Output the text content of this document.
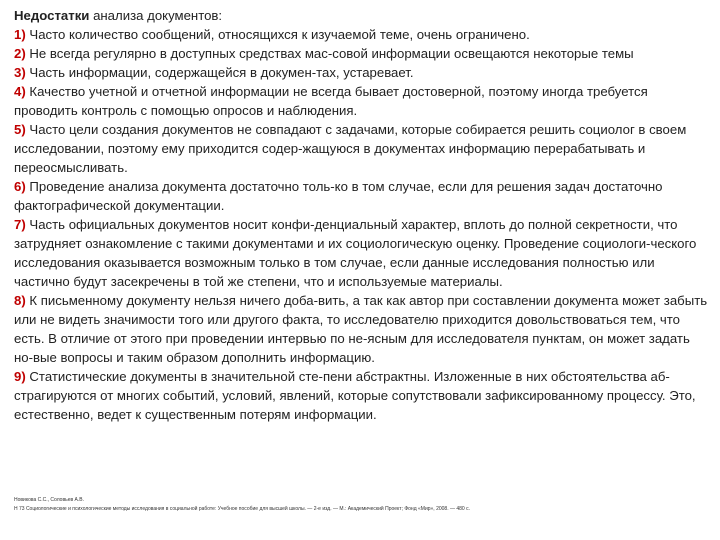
Недостатки анализа документов:

1) Часто количество сообщений, относящихся к изучаемой теме, очень ограничено.

2) Не всегда регулярно в доступных средствах мас-совой информации освещаются некоторые темы

3) Часть информации, содержащейся в докумен-тах, устаревает.

4) Качество учетной и отчетной информации не всегда бывает достоверной, поэтому иногда требуется проводить контроль с помощью опросов и наблюдения.

5) Часто цели создания документов не совпадают с задачами, которые собирается решить социолог в своем исследовании, поэтому ему приходится содер-жащуюся в документах информацию перерабатывать и переосмысливать.

6) Проведение анализа документа достаточно толь-ко в том случае, если для решения задач достаточно фактографической документации.

7) Часть официальных документов носит конфи-денциальный характер, вплоть до полной секретности, что затрудняет ознакомление с такими документами и их социологическую оценку. Проведение социологи-ческого исследования оказывается возможным только в том случае, если данные исследования полностью или частично будут засекречены в той же степени, что и используемые материалы.

8) К письменному документу нельзя ничего доба-вить, а так как автор при составлении документа может забыть или не видеть значимости того или другого факта, то исследователю приходится довольствоваться тем, что есть. В отличие от этого при проведении интервью по не-ясным для исследователя пунктам, он может задать но-вые вопросы и таким образом дополнить информацию.

9) Статистические документы в значительной сте-пени абстрактны. Изложенные в них обстоятельства аб-страгируются от многих событий, условий, явлений, которые сопутствовали зафиксированному процессу. Это, естественно, ведет к существенным потерям информации.

Новикова С.С., Соловьев А.В.

Н 73 Социологические и психологические методы исследования в социальной работе: Учебное пособие для высшей школы. — 2-е изд. — М.: Академический Проект; Фонд «Мир», 2008. — 480 с.
